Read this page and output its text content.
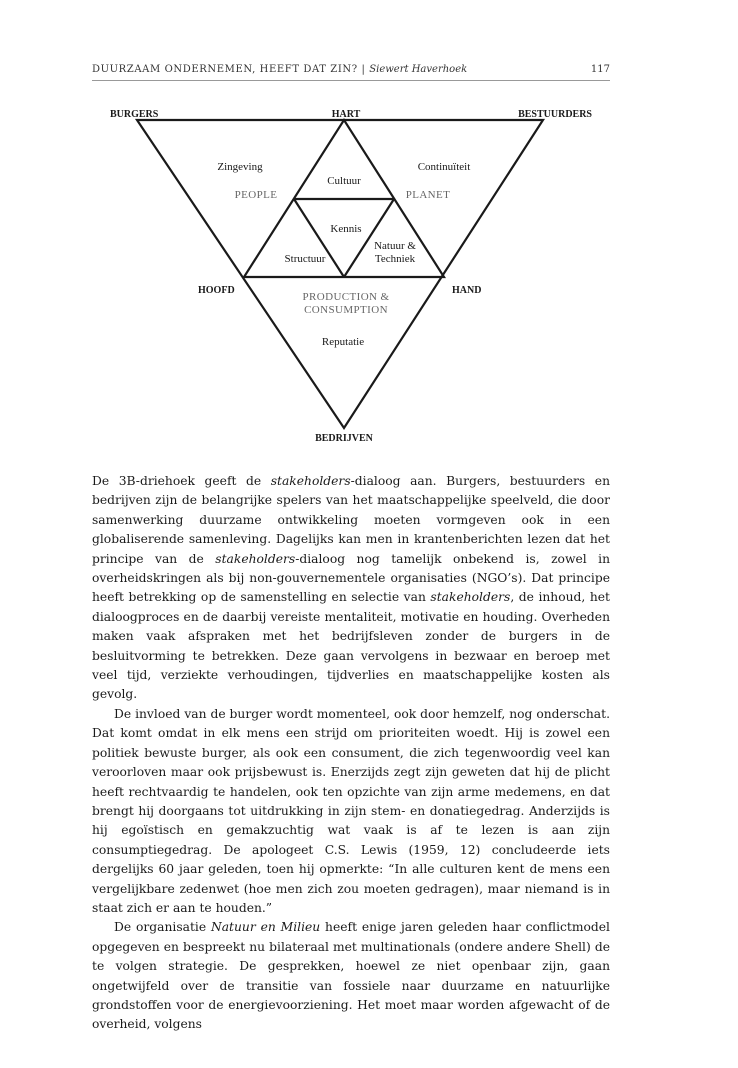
DUURZAAM ONDERNEMEN, HEEFT DAT ZIN? | Siewert Haverhoek	117
BURGERS	HART	BESTUURDERS
HOOFD	HAND
BEDRIJVEN
Zingeving
PEOPLE
Continuïteit
PLANET
Cultuur
Kennis
Structuur
Natuur &
Techniek
PRODUCTION &
CONSUMPTION
Reputatie

De 3B-driehoek geeft de stakeholders-dialoog aan. Burgers, bestuurders en bedrijven zijn de belangrijke spelers van het maatschappelijke speelveld, die door samenwerking duurzame ontwikkeling moeten vormgeven ook in een globaliserende samenleving. Dagelijks kan men in krantenberichten lezen dat het principe van de stakeholders-dialoog nog tamelijk onbekend is, zowel in overheidskringen als bij non-gouvernementele organisaties (NGO’s). Dat principe heeft betrekking op de samenstelling en selectie van stakeholders, de inhoud, het dialoogproces en de daarbij vereiste mentaliteit, motivatie en houding. Overheden maken vaak afspraken met het bedrijfsleven zonder de burgers in de besluitvorming te betrekken. Deze gaan vervolgens in bezwaar en beroep met veel tijd, verziekte verhoudingen, tijdverlies en maatschappelijke kosten als gevolg.

De invloed van de burger wordt momenteel, ook door hemzelf, nog onderschat. Dat komt omdat in elk mens een strijd om prioriteiten woedt. Hij is zowel een politiek bewuste burger, als ook een consument, die zich tegenwoordig veel kan veroorloven maar ook prijsbewust is. Enerzijds zegt zijn geweten dat hij de plicht heeft rechtvaardig te handelen, ook ten opzichte van zijn arme medemens, en dat brengt hij doorgaans tot uitdrukking in zijn stem- en donatiegedrag. Anderzijds is hij egoïstisch en gemakzuchtig wat vaak is af te lezen is aan zijn consumptiegedrag. De apologeet C.S. Lewis (1959, 12) concludeerde iets dergelijks 60 jaar geleden, toen hij opmerkte: “In alle culturen kent de mens een vergelijkbare zedenwet (hoe men zich zou moeten gedragen), maar niemand is in staat zich er aan te houden.”

De organisatie Natuur en Milieu heeft enige jaren geleden haar conflictmodel opgegeven en bespreekt nu bilateraal met multinationals (ondere andere Shell) de te volgen strategie. De gesprekken, hoewel ze niet openbaar zijn, gaan ongetwijfeld over de transitie van fossiele naar duurzame en natuurlijke grondstoffen voor de energievoorziening. Het moet maar worden afgewacht of de overheid, volgens
